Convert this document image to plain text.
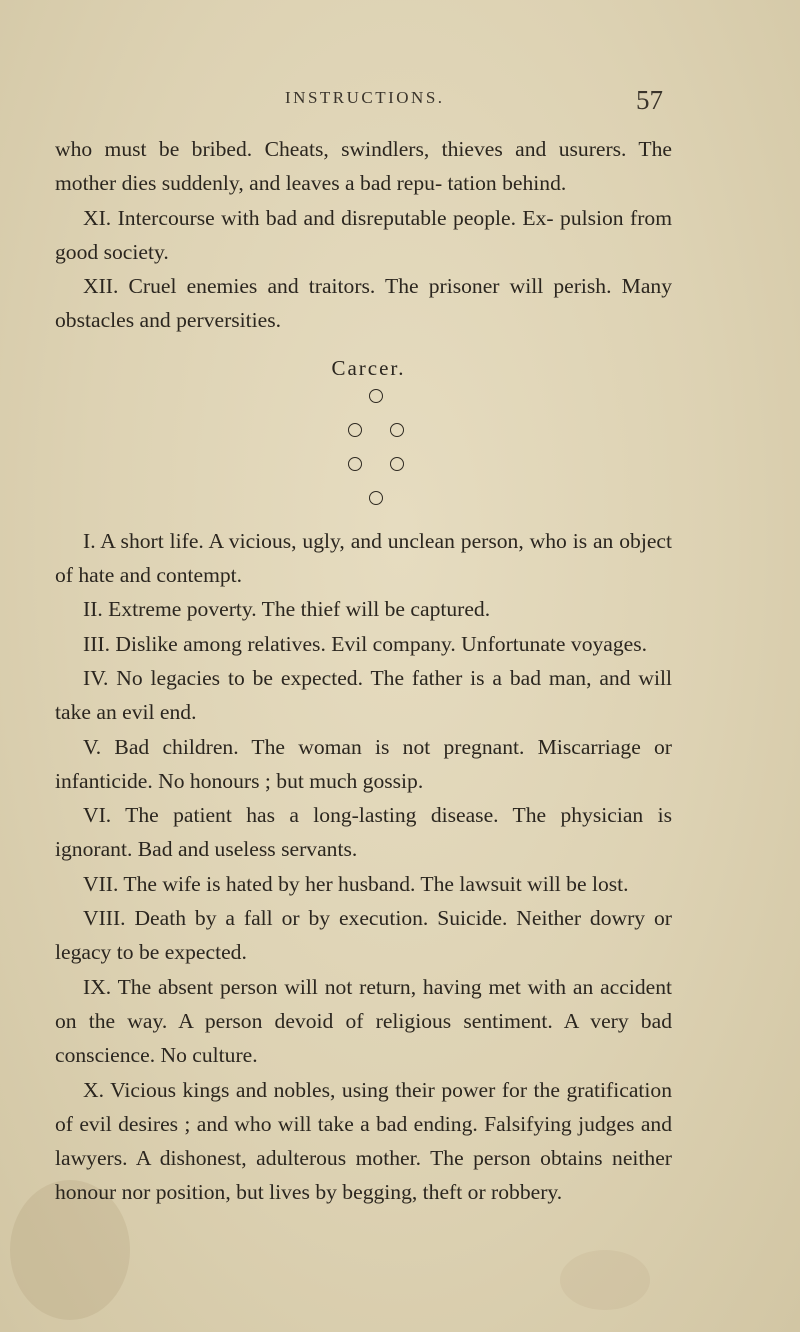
INSTRUCTIONS.	57

who must be bribed. Cheats, swindlers, thieves and usurers. The mother dies suddenly, and leaves a bad repu- tation behind.

XI. Intercourse with bad and disreputable people. Ex- pulsion from good society.

XII. Cruel enemies and traitors. The prisoner will perish. Many obstacles and perversities.

Carcer.

I. A short life. A vicious, ugly, and unclean person, who is an object of hate and contempt.

II. Extreme poverty. The thief will be captured.

III. Dislike among relatives. Evil company. Unfortunate voyages.

IV. No legacies to be expected. The father is a bad man, and will take an evil end.

V. Bad children. The woman is not pregnant. Miscarriage or infanticide. No honours ; but much gossip.

VI. The patient has a long-lasting disease. The physician is ignorant. Bad and useless servants.

VII. The wife is hated by her husband. The lawsuit will be lost.

VIII. Death by a fall or by execution. Suicide. Neither dowry or legacy to be expected.

IX. The absent person will not return, having met with an accident on the way. A person devoid of religious sentiment. A very bad conscience. No culture.

X. Vicious kings and nobles, using their power for the gratification of evil desires ; and who will take a bad ending. Falsifying judges and lawyers. A dishonest, adulterous mother. The person obtains neither honour nor position, but lives by begging, theft or robbery.
